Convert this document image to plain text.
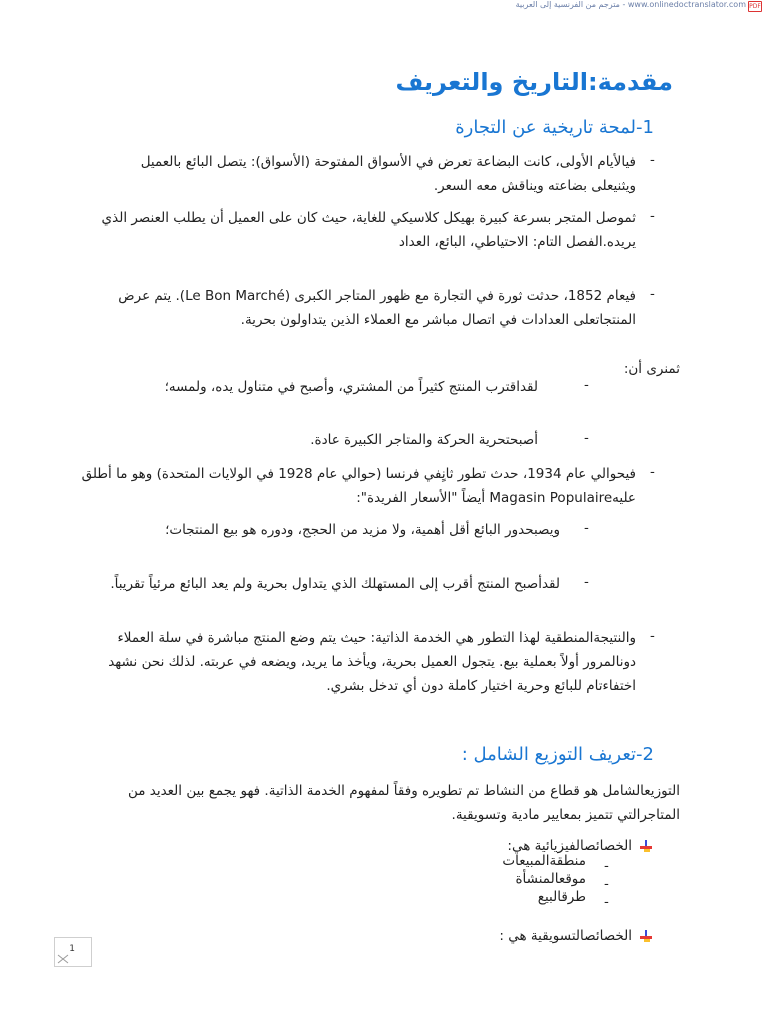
www.onlinedoctranslator.com - مترجم من الفرنسية إلى العربية PDF
مقدمة:التاريخ والتعريف
1-لمحة تاريخية عن التجارة
-
فيالأيام الأولى، كانت البضاعة تعرض في الأسواق المفتوحة (الأسواق): يتصل البائع بالعميل
ويثنيعلى بضاعته ويناقش معه السعر.
-
ثموصل المتجر بسرعة كبيرة بهيكل كلاسيكي للغاية، حيث كان على العميل أن يطلب العنصر الذي
يريده.الفصل التام: الاحتياطي، البائع، العداد
-
فيعام 1852، حدثت ثورة في التجارة مع ظهور المتاجر الكبرى (Le Bon Marché). يتم عرض
المنتجاتعلى العدادات في اتصال مباشر مع العملاء الذين يتداولون بحرية.
ثمنرى أن:
-
لقداقترب المنتج كثيراً من المشتري، وأصبح في متناول يده، ولمسه؛
-
أصبحتحرية الحركة والمتاجر الكبيرة عادة.
-
فيحوالي عام 1934، حدث تطور ثانٍفي فرنسا (حوالي عام 1928 في الولايات المتحدة) وهو ما أطلق
عليهMagasin Populaire أيضاً "الأسعار الفريدة":
-
ويصبحدور البائع أقل أهمية، ولا مزيد من الحجج، ودوره هو بيع المنتجات؛
-
لقدأصبح المنتج أقرب إلى المستهلك الذي يتداول بحرية ولم يعد البائع مرئياً تقريباً.
-
والنتيجةالمنطقية لهذا التطور هي الخدمة الذاتية: حيث يتم وضع المنتج مباشرة في سلة العملاء
دونالمرور أولاً بعملية بيع. يتجول العميل بحرية، ويأخذ ما يريد، ويضعه في عربته. لذلك نحن نشهد
اختفاءتام للبائع وحرية اختيار كاملة دون أي تدخل بشري.
2-تعريف التوزيع الشامل :
التوزيعالشامل هو قطاع من النشاط تم تطويره وفقاً لمفهوم الخدمة الذاتية. فهو يجمع بين العديد من
المتاجرالتي تتميز بمعايير مادية وتسويقية.
الخصائصالفيزيائية هي:
-
منطقةالمبيعات
-
موقعالمنشأة
-
طرقالبيع
الخصائصالتسويقية هي :
1
